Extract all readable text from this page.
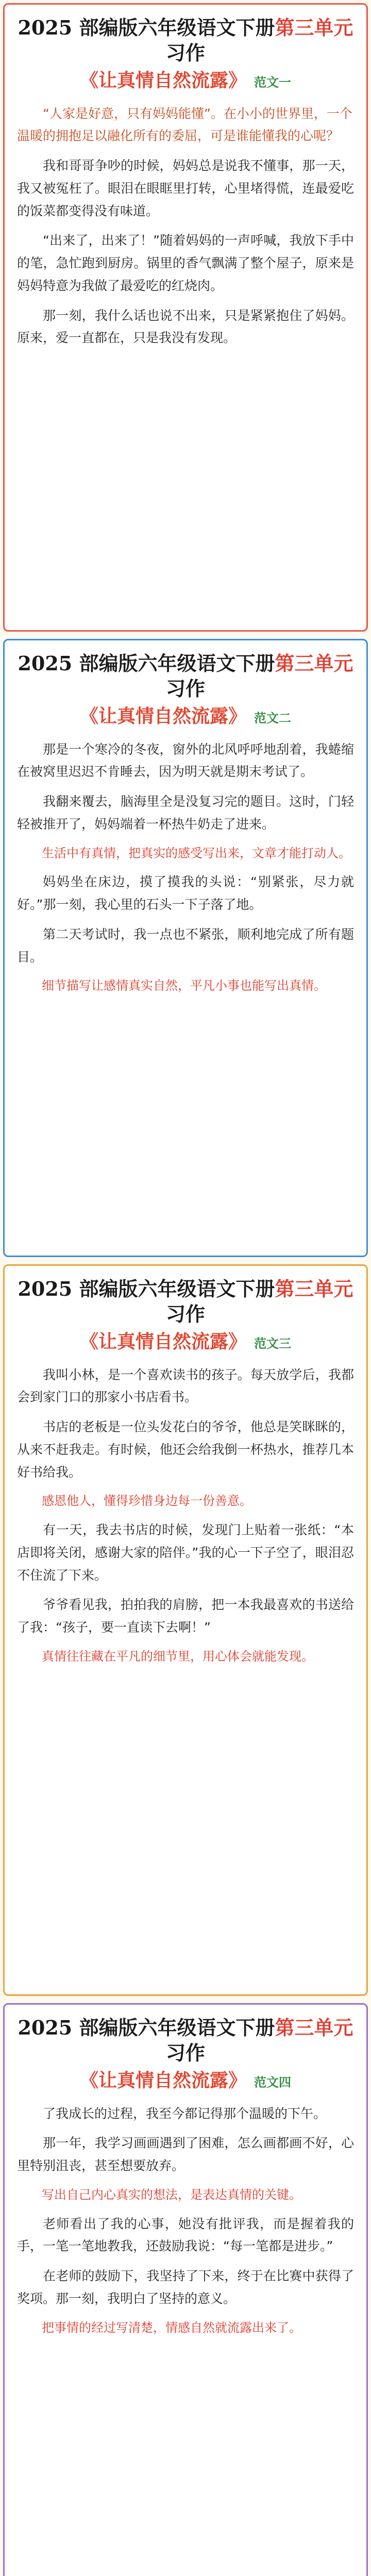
2025 部编版六年级语文下册第三单元习作
《让真情自然流露》 范文一

“人家是好意，只有妈妈能懂”。在小小的世界里，一个温暖的拥抱足以融化所有的委屈，可是谁能懂我的心呢？

我和哥哥争吵的时候，妈妈总是说我不懂事，那一天，我又被冤枉了。眼泪在眼眶里打转，心里堵得慌，连最爱吃的饭菜都变得没有味道。

“出来了，出来了！”随着妈妈的一声呼喊，我放下手中的笔，急忙跑到厨房。锅里的香气飘满了整个屋子，原来是妈妈特意为我做了最爱吃的红烧肉。

那一刻，我什么话也说不出来，只是紧紧抱住了妈妈。原来，爱一直都在，只是我没有发现。

2025 部编版六年级语文下册第三单元习作
《让真情自然流露》 范文二

那是一个寒冷的冬夜，窗外的北风呼呼地刮着，我蜷缩在被窝里迟迟不肯睡去，因为明天就是期末考试了。

我翻来覆去，脑海里全是没复习完的题目。这时，门轻轻被推开了，妈妈端着一杯热牛奶走了进来。

生活中有真情，把真实的感受写出来，文章才能打动人。

妈妈坐在床边，摸了摸我的头说：“别紧张，尽力就好。”那一刻，我心里的石头一下子落了地。

第二天考试时，我一点也不紧张，顺利地完成了所有题目。

细节描写让感情真实自然，平凡小事也能写出真情。

2025 部编版六年级语文下册第三单元习作
《让真情自然流露》 范文三

我叫小林，是一个喜欢读书的孩子。每天放学后，我都会到家门口的那家小书店看书。

书店的老板是一位头发花白的爷爷，他总是笑眯眯的，从来不赶我走。有时候，他还会给我倒一杯热水，推荐几本好书给我。

感恩他人，懂得珍惜身边每一份善意。

有一天，我去书店的时候，发现门上贴着一张纸：“本店即将关闭，感谢大家的陪伴。”我的心一下子空了，眼泪忍不住流了下来。

爷爷看见我，拍拍我的肩膀，把一本我最喜欢的书送给了我：“孩子，要一直读下去啊！”

真情往往藏在平凡的细节里，用心体会就能发现。

2025 部编版六年级语文下册第三单元习作
《让真情自然流露》 范文四

了我成长的过程，我至今都记得那个温暖的下午。

那一年，我学习画画遇到了困难，怎么画都画不好，心里特别沮丧，甚至想要放弃。

写出自己内心真实的想法，是表达真情的关键。

老师看出了我的心事，她没有批评我，而是握着我的手，一笔一笔地教我，还鼓励我说：“每一笔都是进步。”

在老师的鼓励下，我坚持了下来，终于在比赛中获得了奖项。那一刻，我明白了坚持的意义。

把事情的经过写清楚，情感自然就流露出来了。
